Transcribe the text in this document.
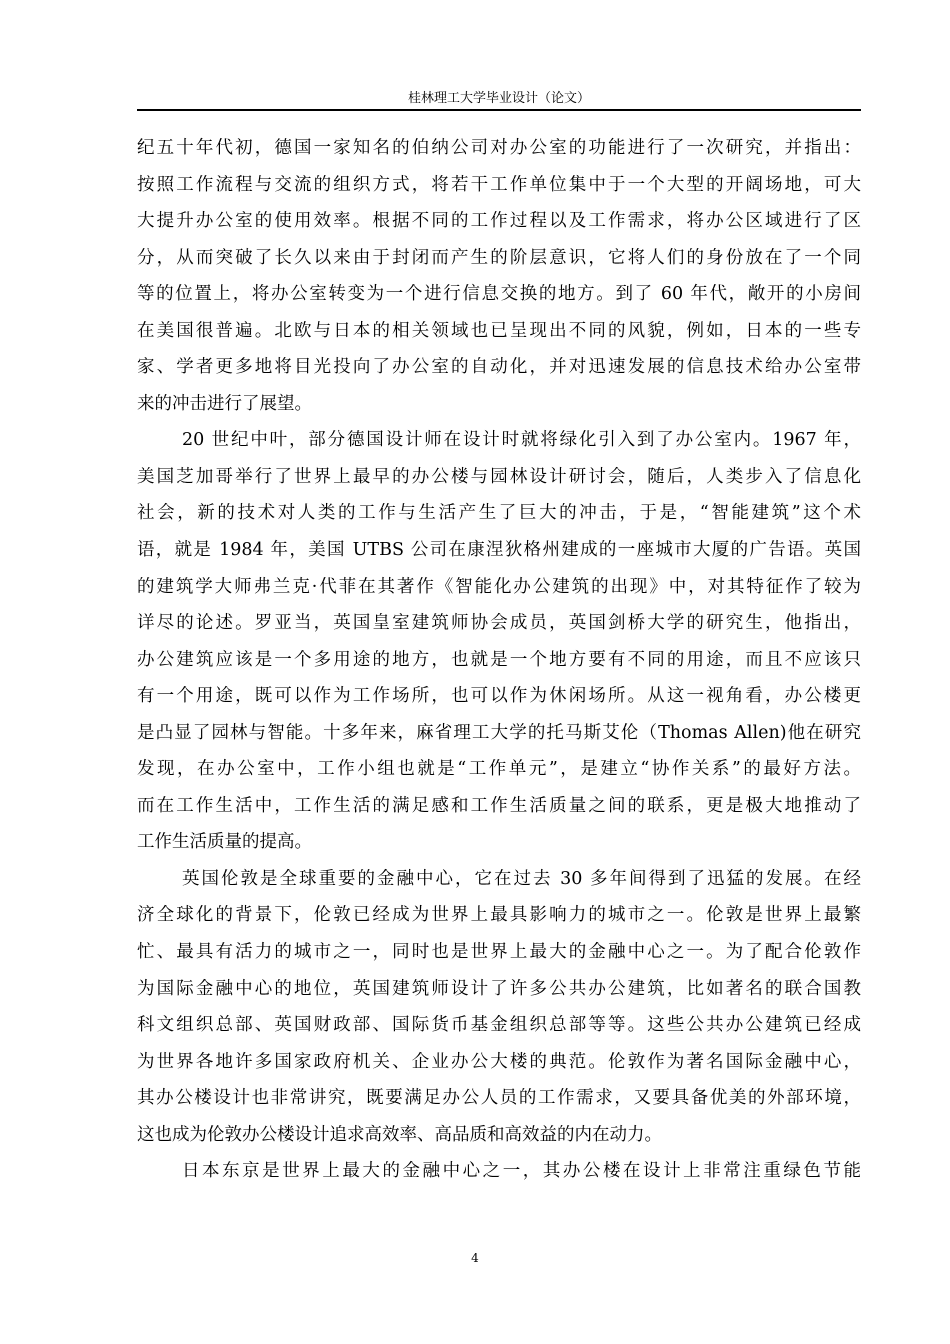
桂林理工大学毕业设计（论文）
纪五十年代初，德国一家知名的伯纳公司对办公室的功能进行了一次研究，并指出：
按照工作流程与交流的组织方式，将若干工作单位集中于一个大型的开阔场地，可大
大提升办公室的使用效率。根据不同的工作过程以及工作需求，将办公区域进行了区
分，从而突破了长久以来由于封闭而产生的阶层意识，它将人们的身份放在了一个同
等的位置上，将办公室转变为一个进行信息交换的地方。到了 60 年代，敞开的小房间
在美国很普遍。北欧与日本的相关领域也已呈现出不同的风貌，例如，日本的一些专
家、学者更多地将目光投向了办公室的自动化，并对迅速发展的信息技术给办公室带
来的冲击进行了展望。
20 世纪中叶，部分德国设计师在设计时就将绿化引入到了办公室内。1967 年，
美国芝加哥举行了世界上最早的办公楼与园林设计研讨会，随后，人类步入了信息化
社会，新的技术对人类的工作与生活产生了巨大的冲击，于是，“智能建筑”这个术
语，就是 1984 年，美国 UTBS 公司在康涅狄格州建成的一座城市大厦的广告语。英国
的建筑学大师弗兰克·代菲在其著作《智能化办公建筑的出现》中，对其特征作了较为
详尽的论述。罗亚当，英国皇室建筑师协会成员，英国剑桥大学的研究生，他指出，
办公建筑应该是一个多用途的地方，也就是一个地方要有不同的用途，而且不应该只
有一个用途，既可以作为工作场所，也可以作为休闲场所。从这一视角看，办公楼更
是凸显了园林与智能。十多年来，麻省理工大学的托马斯艾伦（Thomas Allen)他在研究
发现，在办公室中，工作小组也就是“工作单元”，是建立“协作关系”的最好方法。
而在工作生活中，工作生活的满足感和工作生活质量之间的联系，更是极大地推动了
工作生活质量的提高。
英国伦敦是全球重要的金融中心，它在过去 30 多年间得到了迅猛的发展。在经
济全球化的背景下，伦敦已经成为世界上最具影响力的城市之一。伦敦是世界上最繁
忙、最具有活力的城市之一，同时也是世界上最大的金融中心之一。为了配合伦敦作
为国际金融中心的地位，英国建筑师设计了许多公共办公建筑，比如著名的联合国教
科文组织总部、英国财政部、国际货币基金组织总部等等。这些公共办公建筑已经成
为世界各地许多国家政府机关、企业办公大楼的典范。伦敦作为著名国际金融中心，
其办公楼设计也非常讲究，既要满足办公人员的工作需求，又要具备优美的外部环境，
这也成为伦敦办公楼设计追求高效率、高品质和高效益的内在动力。
日本东京是世界上最大的金融中心之一，其办公楼在设计上非常注重绿色节能
4
